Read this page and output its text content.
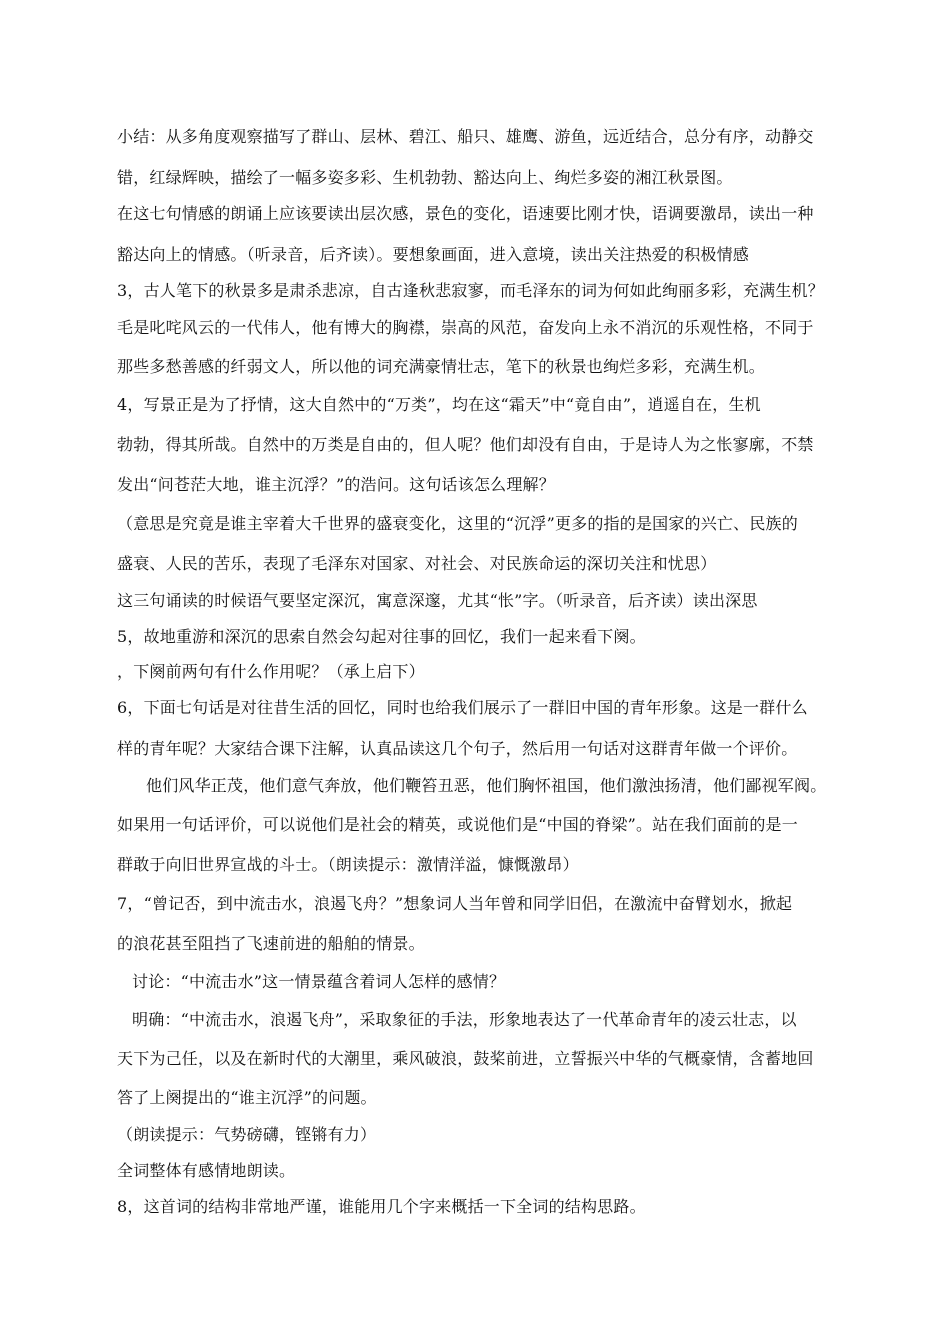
小结：从多角度观察描写了群山、层林、碧江、船只、雄鹰、游鱼，远近结合，总分有序，动静交
错，红绿辉映，描绘了一幅多姿多彩、生机勃勃、豁达向上、绚烂多姿的湘江秋景图。
在这七句情感的朗诵上应该要读出层次感，景色的变化，语速要比刚才快，语调要激昂，读出一种
豁达向上的情感。（听录音，后齐读）。要想象画面，进入意境，读出关注热爱的积极情感
3，古人笔下的秋景多是肃杀悲凉，自古逢秋悲寂寥，而毛泽东的词为何如此绚丽多彩，充满生机？
毛是叱咤风云的一代伟人，他有博大的胸襟，崇高的风范，奋发向上永不消沉的乐观性格，不同于
那些多愁善感的纤弱文人，所以他的词充满豪情壮志，笔下的秋景也绚烂多彩，充满生机。
4，写景正是为了抒情，这大自然中的“万类”，均在这“霜天”中“竟自由”，逍遥自在，生机
勃勃，得其所哉。自然中的万类是自由的，但人呢？他们却没有自由，于是诗人为之怅寥廓，不禁
发出“问苍茫大地，谁主沉浮？”的浩问。这句话该怎么理解？
（意思是究竟是谁主宰着大千世界的盛衰变化，这里的“沉浮”更多的指的是国家的兴亡、民族的
盛衰、人民的苦乐，表现了毛泽东对国家、对社会、对民族命运的深切关注和忧思）
这三句诵读的时候语气要坚定深沉，寓意深邃，尤其“怅”字。（听录音，后齐读）读出深思
5，故地重游和深沉的思索自然会勾起对往事的回忆，我们一起来看下阕。
，下阕前两句有什么作用呢？（承上启下）
6，下面七句话是对往昔生活的回忆，同时也给我们展示了一群旧中国的青年形象。这是一群什么
样的青年呢？大家结合课下注解，认真品读这几个句子，然后用一句话对这群青年做一个评价。
他们风华正茂，他们意气奔放，他们鞭笞丑恶，他们胸怀祖国，他们激浊扬清，他们鄙视军阀。
如果用一句话评价，可以说他们是社会的精英，或说他们是“中国的脊梁”。站在我们面前的是一
群敢于向旧世界宣战的斗士。（朗读提示：激情洋溢，慷慨激昂）
7，“曾记否，到中流击水，浪遏飞舟？”想象词人当年曾和同学旧侣，在激流中奋臂划水，掀起
的浪花甚至阻挡了飞速前进的船舶的情景。
讨论：“中流击水”这一情景蕴含着词人怎样的感情？
明确：“中流击水，浪遏飞舟”，采取象征的手法，形象地表达了一代革命青年的凌云壮志，以
天下为己任，以及在新时代的大潮里，乘风破浪，鼓桨前进，立誓振兴中华的气概豪情，含蓄地回
答了上阕提出的“谁主沉浮”的问题。
（朗读提示：气势磅礴，铿锵有力）
全词整体有感情地朗读。
8，这首词的结构非常地严谨，谁能用几个字来概括一下全词的结构思路。
